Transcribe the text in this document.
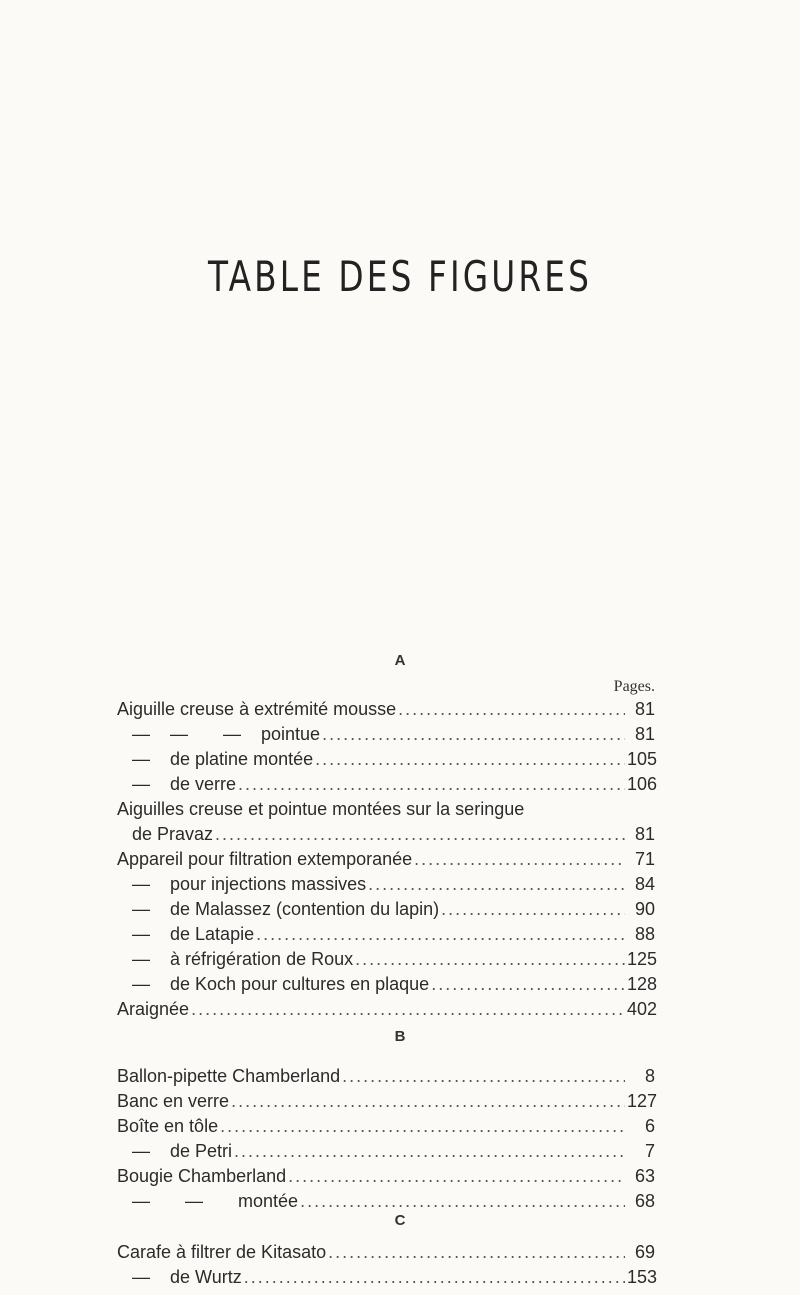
TABLE DES FIGURES
A
Pages.
Aiguille creuse à extrémité mousse .....	81
—    —       —    pointue .....	81
—    de platine montée .....	105
—    de verre .....	106
Aiguilles creuse et pointue montées sur la seringue
de Pravaz .....	81
Appareil pour filtration extemporanée .....	71
—    pour injections massives .....	84
—    de Malassez (contention du lapin) .....	90
—    de Latapie .....	88
—    à réfrigération de Roux .....	125
—    de Koch pour cultures en plaque .....	128
Araignée .....	402
B
Ballon-pipette Chamberland .....	8
Banc en verre .....	127
Boîte en tôle .....	6
—    de Petri .....	7
Bougie Chamberland .....	63
—       —       montée .....	68
C
Carafe à filtrer de Kitasato .....	69
—    de Wurtz .....	153
